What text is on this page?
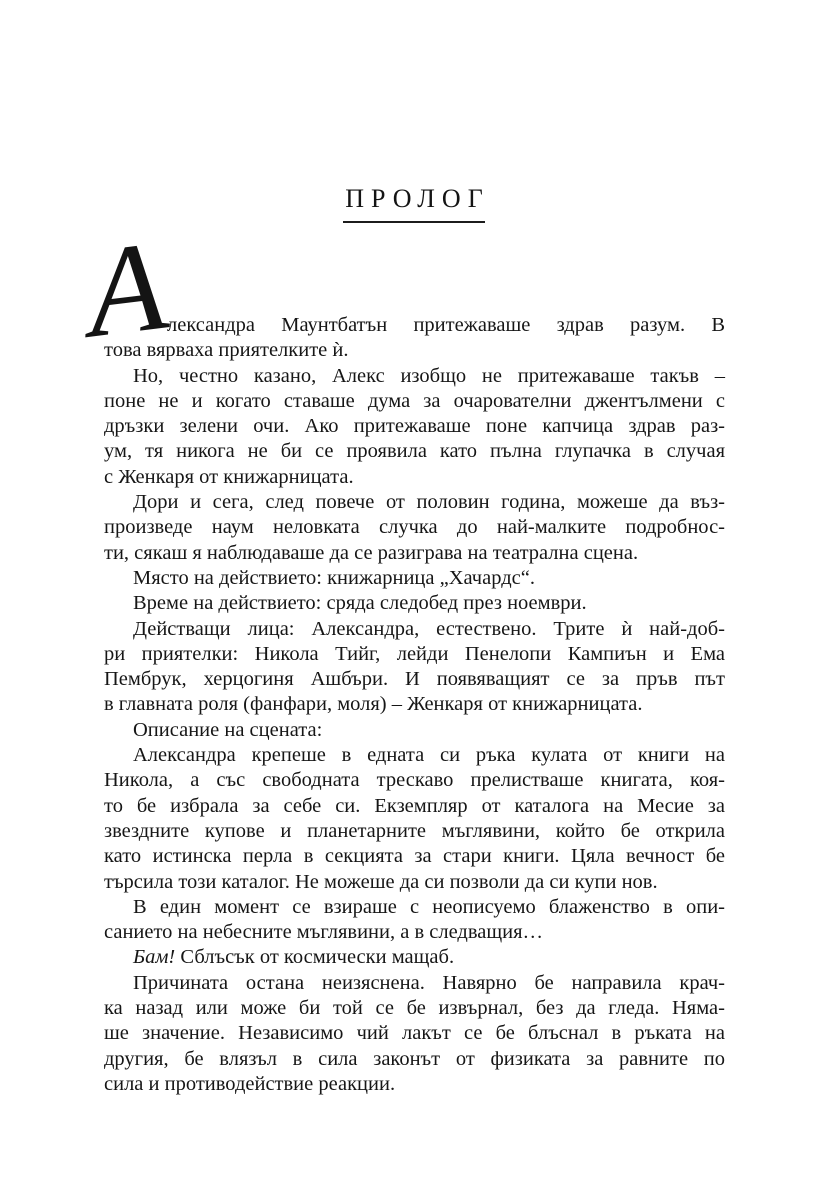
ПРОЛОГ
А
лександра Маунтбатън притежаваше здрав разум. В
това вярваха приятелките ѝ.
Но, честно казано, Алекс изобщо не притежаваше такъв –
поне не и когато ставаше дума за очарователни джентълмени с
дръзки зелени очи. Ако притежаваше поне капчица здрав раз-
ум, тя никога не би се проявила като пълна глупачка в случая
с Женкаря от книжарницата.
Дори и сега, след повече от половин година, можеше да въз-
произведе наум неловката случка до най-малките подробнос-
ти, сякаш я наблюдаваше да се разиграва на театрална сцена.
Място на действието: книжарница „Хачардс“.
Време на действието: сряда следобед през ноември.
Действащи лица: Александра, естествено. Трите ѝ най-доб-
ри приятелки: Никола Тийг, лейди Пенелопи Кампиън и Ема
Пембрук, херцогиня Ашбъри. И появяващият се за пръв път
в главната роля (фанфари, моля) – Женкаря от книжарницата.
Описание на сцената:
Александра крепеше в едната си ръка кулата от книги на
Никола, а със свободната трескаво прелистваше книгата, коя-
то бе избрала за себе си. Екземпляр от каталога на Месие за
звездните купове и планетарните мъглявини, който бе открила
като истинска перла в секцията за стари книги. Цяла вечност бе
търсила този каталог. Не можеше да си позволи да си купи нов.
В един момент се взираше с неописуемо блаженство в опи-
санието на небесните мъглявини, а в следващия…
Бам! Сблъсък от космически мащаб.
Причината остана неизяснена. Навярно бе направила крач-
ка назад или може би той се бе извърнал, без да гледа. Няма-
ше значение. Независимо чий лакът се бе блъснал в ръката на
другия, бе влязъл в сила законът от физиката за равните по
сила и противодействие реакции.
